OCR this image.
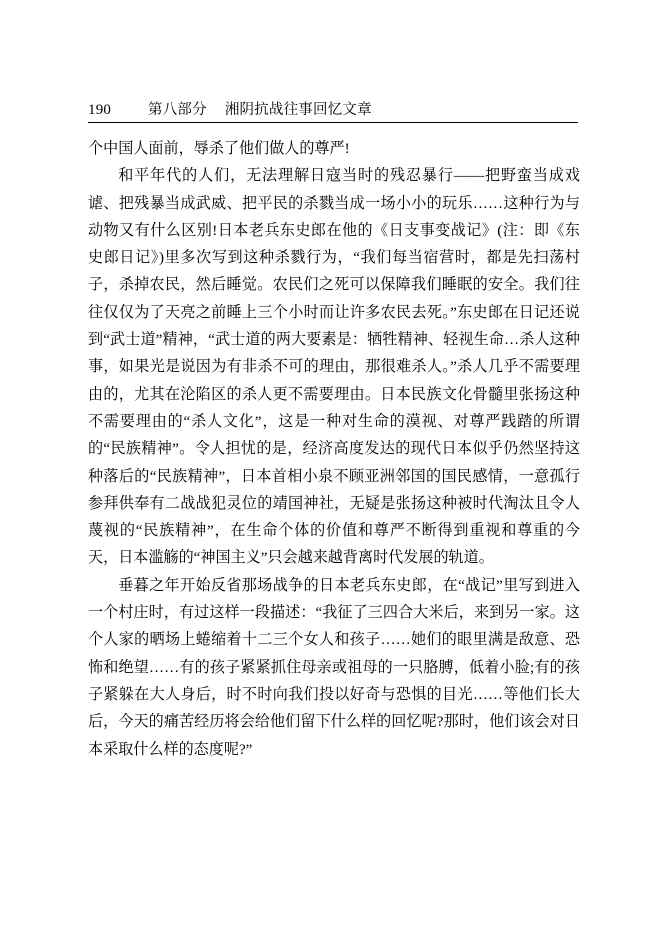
190	第八部分 湘阴抗战往事回忆文章

个中国人面前，辱杀了他们做人的尊严!

和平年代的人们，无法理解日寇当时的残忍暴行——把野蛮当成戏谑、把残暴当成武威、把平民的杀戮当成一场小小的玩乐……这种行为与动物又有什么区别!日本老兵东史郎在他的《日支事变战记》(注：即《东史郎日记》)里多次写到这种杀戮行为，“我们每当宿营时，都是先扫荡村子，杀掉农民，然后睡觉。农民们之死可以保障我们睡眠的安全。我们往往仅仅为了天亮之前睡上三个小时而让许多农民去死。”东史郎在日记还说到“武士道”精神，“武士道的两大要素是：牺牲精神、轻视生命…杀人这种事，如果光是说因为有非杀不可的理由，那很难杀人。”杀人几乎不需要理由的，尤其在沦陷区的杀人更不需要理由。日本民族文化骨髓里张扬这种不需要理由的“杀人文化”，这是一种对生命的漠视、对尊严践踏的所谓的“民族精神”。令人担忧的是，经济高度发达的现代日本似乎仍然坚持这种落后的“民族精神”，日本首相小泉不顾亚洲邻国的国民感情，一意孤行参拜供奉有二战战犯灵位的靖国神社，无疑是张扬这种被时代淘汰且令人蔑视的“民族精神”，在生命个体的价值和尊严不断得到重视和尊重的今天，日本滥觞的“神国主义”只会越来越背离时代发展的轨道。

垂暮之年开始反省那场战争的日本老兵东史郎，在“战记”里写到进入一个村庄时，有过这样一段描述：“我征了三四合大米后，来到另一家。这个人家的晒场上蜷缩着十二三个女人和孩子……她们的眼里满是敌意、恐怖和绝望……有的孩子紧紧抓住母亲或祖母的一只胳膊，低着小脸;有的孩子紧躲在大人身后，时不时向我们投以好奇与恐惧的目光……等他们长大后，今天的痛苦经历将会给他们留下什么样的回忆呢?那时，他们该会对日本采取什么样的态度呢?”
